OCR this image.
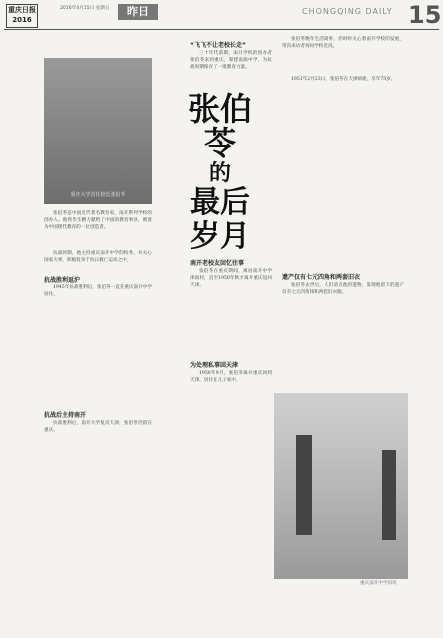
重庆日报
2016
2016年4月15日 星期五	昨日	CHONGQING DAILY 15
重庆大学首任校长张伯苓
张伯苓
的
最后岁月

张伯苓是中国近代著名教育家，南开系列学校的创办人。他将毕生精力献给了中国的教育事业，被誉为中国现代教育的一位创造者。

抗战时期，他主持重庆南开中学的校务，并关心国家大事，积极投身于抗日救亡运动之中。

抗战胜利返沪

1945年抗战胜利后，张伯苓一直在重庆南开中学居住。

抗战后主持南开

抗战胜利后，南开大学复员天津，张伯苓仍留在重庆。

“飞飞不让老校长走”

三十年代前期，南开学校的创办者张伯苓来到重庆，筹建南渝中学，为抗战时期保存了一批教育力量。

南开老校友回忆往事

张伯苓在重庆期间，寓居南开中学津南村，直至1950年秋才离开重庆返回天津。

为处理私事回天津

1950年9月，张伯苓离开重庆回到天津，居住在儿子家中。

张伯苓晚年生活简朴，仍时时关心着南开学校的发展，常向来访者询问学校近况。

1951年2月23日，张伯苓在天津病逝，享年75岁。

遗产仅有七元四角和两套旧衣

张伯苓去世后，人们清点他的遗物，发现他留下的遗产仅有七元四角钱和两套旧衣服。

重庆南开中学旧址
